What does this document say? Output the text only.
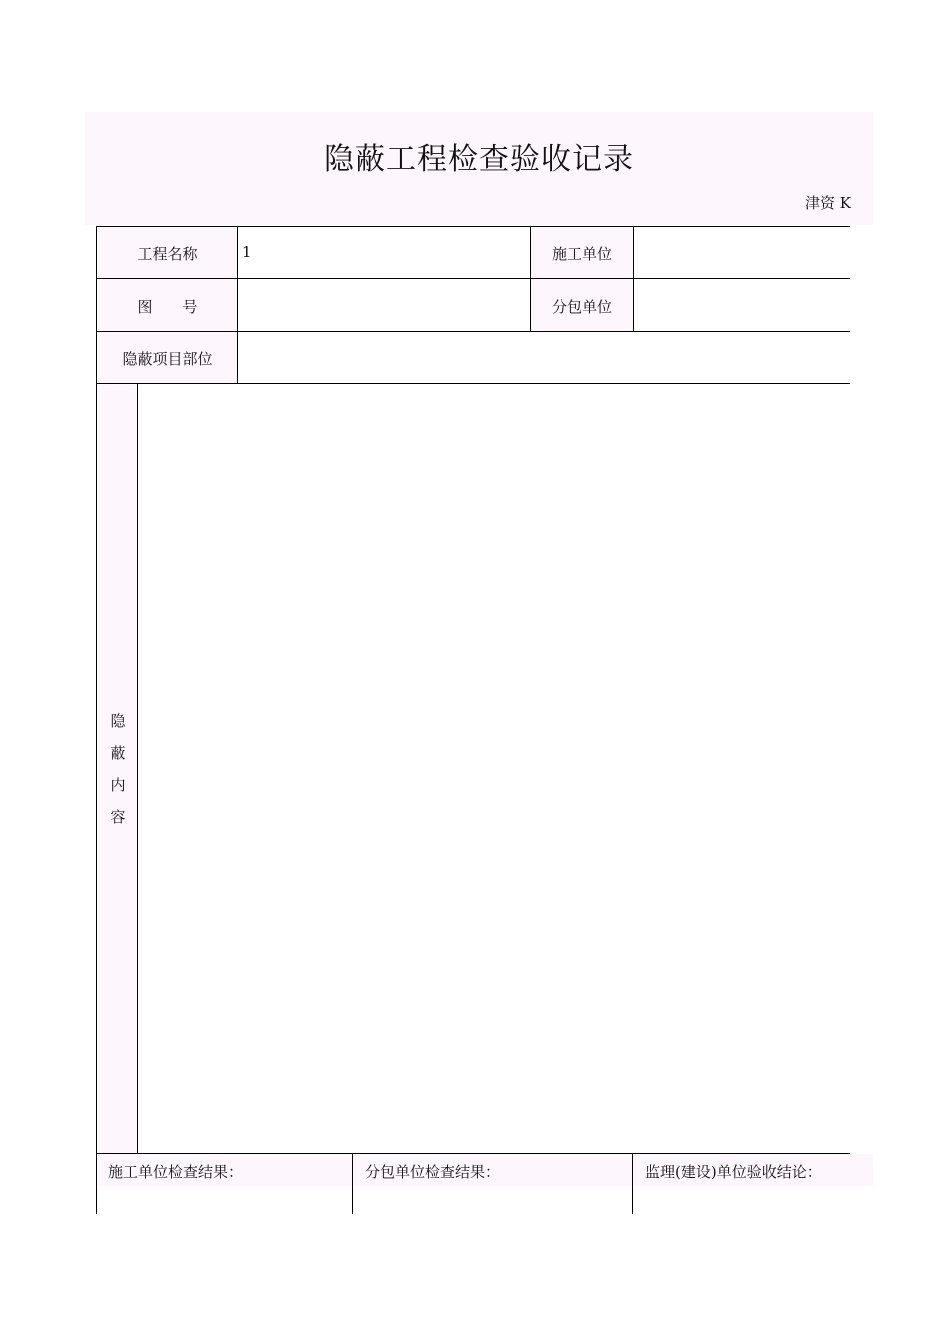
隐蔽工程检查验收记录
津资 K
工程名称	1	施工单位
图　　号	分包单位
隐蔽项目部位
隐
蔽
内
容
施工单位检查结果：	分包单位检查结果：	监理(建设)单位验收结论：
